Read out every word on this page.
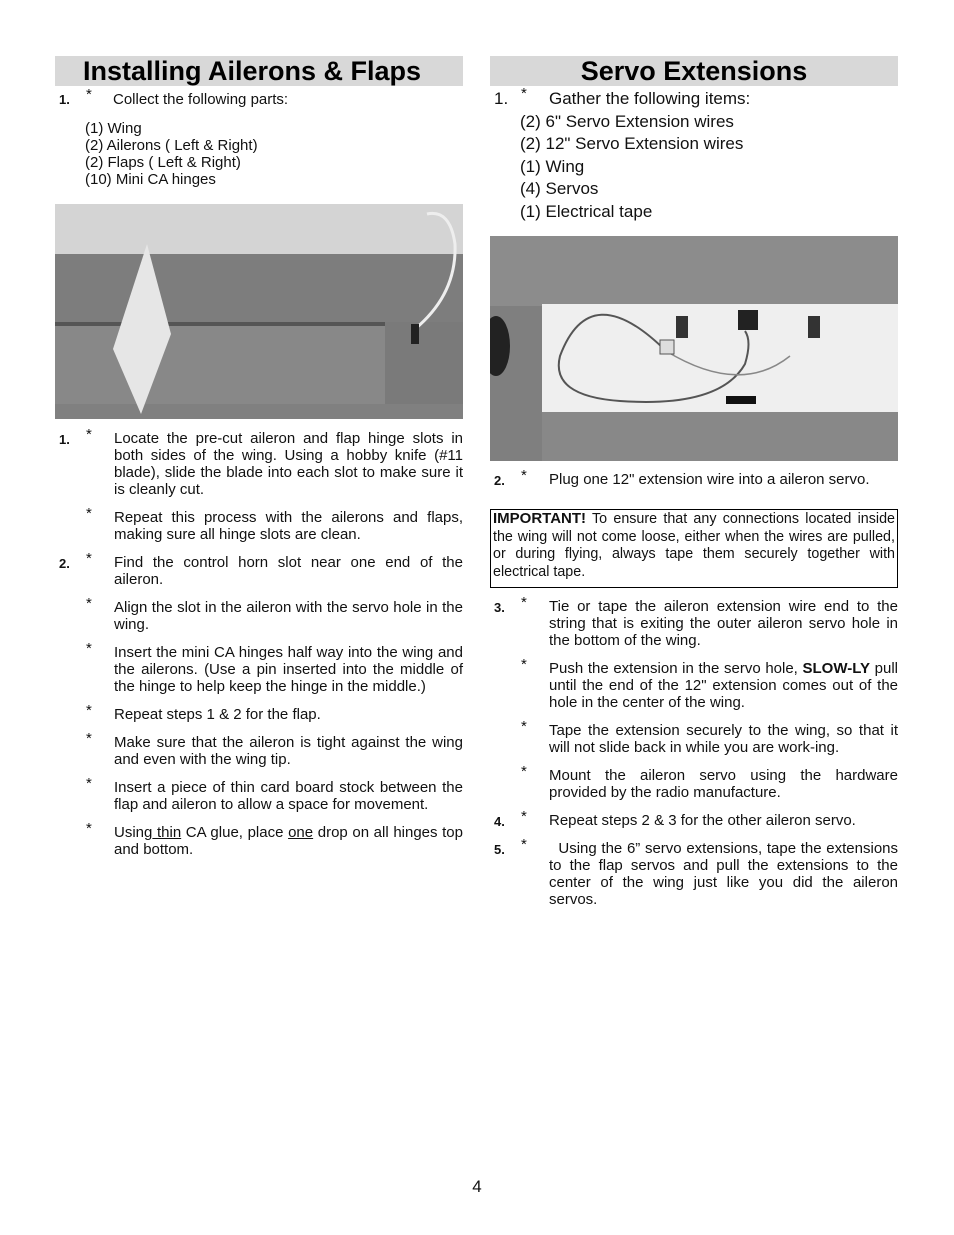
Installing Ailerons & Flaps
1. * Collect the following parts:
(1) Wing
(2) Ailerons ( Left & Right)
(2) Flaps ( Left & Right)
(10) Mini CA hinges
1. * Locate the pre-cut aileron and flap hinge slots in both sides of the wing. Using a hobby knife (#11 blade), slide the blade into each slot to make sure it is cleanly cut.
* Repeat this process with the ailerons and flaps, making sure all hinge slots are clean.
2. * Find the control horn slot near one end of the aileron.
* Align the slot in the aileron with the servo hole in the wing.
* Insert the mini CA hinges half way into the wing and the ailerons. (Use a pin inserted into the middle of the hinge to help keep the hinge in the middle.)
* Repeat steps 1 & 2 for the flap.
* Make sure that the aileron is tight against the wing and even with the wing tip.
* Insert a piece of thin card board stock between the flap and aileron to allow a space for movement.
* Using thin CA glue, place one drop on all hinges top and bottom.
Servo Extensions
1. * Gather the following items:
(2) 6" Servo Extension wires
(2) 12" Servo Extension wires
(1) Wing
(4) Servos
(1) Electrical tape
2. * Plug one 12" extension wire into a aileron servo.
IMPORTANT! To ensure that any connections located inside the wing will not come loose, either when the wires are pulled, or during flying, always tape them securely together with electrical tape.
3. * Tie or tape the aileron extension wire end to the string that is exiting the outer aileron servo hole in the bottom of the wing.
* Push the extension in the servo hole, SLOW-LY pull until the end of the 12" extension comes out of the hole in the center of the wing.
* Tape the extension securely to the wing, so that it will not slide back in while you are work-ing.
* Mount the aileron servo using the hardware provided by the radio manufacture.
4. * Repeat steps 2 & 3 for the other aileron servo.
5. * Using the 6” servo extensions, tape the extensions to the flap servos and pull the extensions to the center of the wing just like you did the aileron servos.
4
